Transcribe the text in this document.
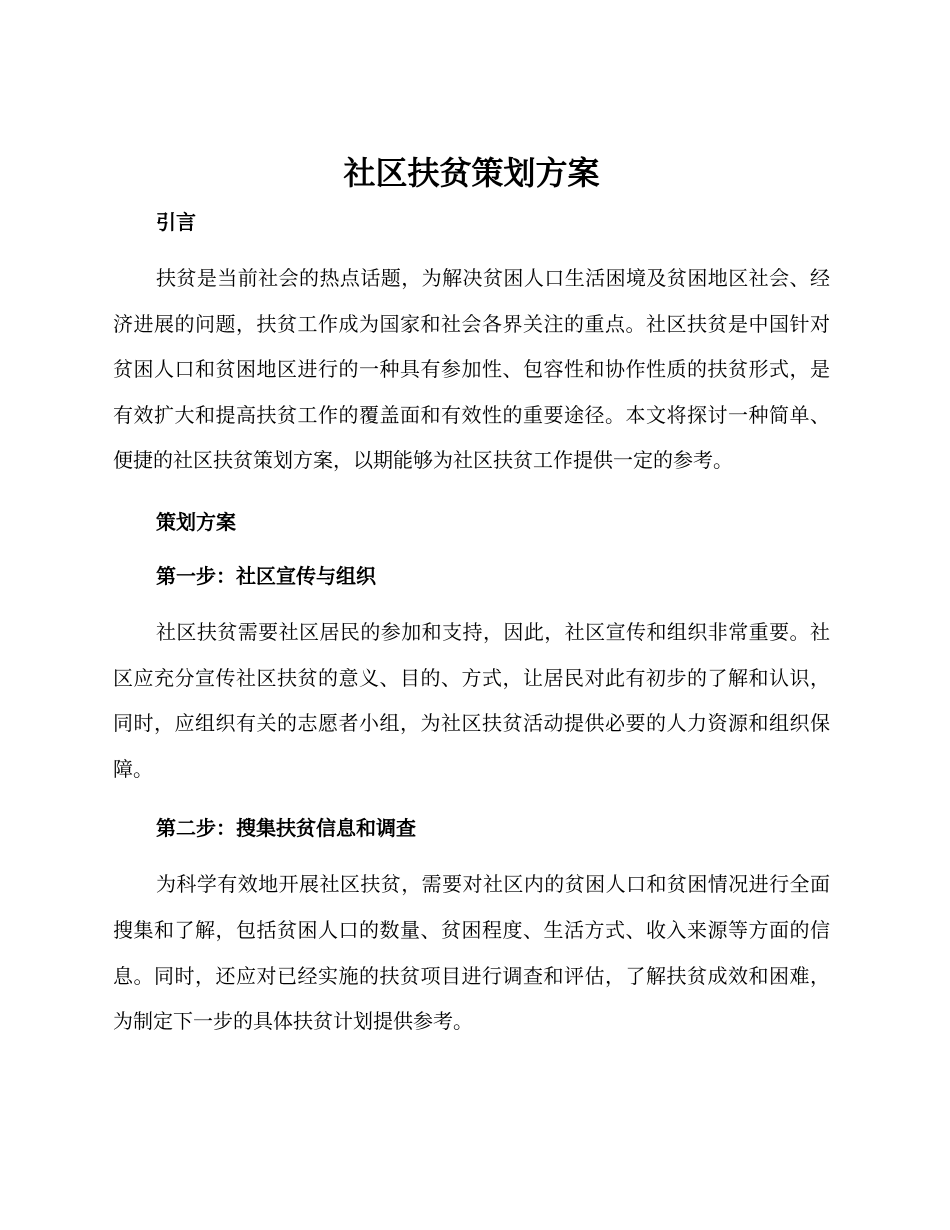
社区扶贫策划方案
引言

扶贫是当前社会的热点话题，为解决贫困人口生活困境及贫困地区社会、经济进展的问题，扶贫工作成为国家和社会各界关注的重点。社区扶贫是中国针对贫困人口和贫困地区进行的一种具有参加性、包容性和协作性质的扶贫形式，是有效扩大和提高扶贫工作的覆盖面和有效性的重要途径。本文将探讨一种简单、便捷的社区扶贫策划方案，以期能够为社区扶贫工作提供一定的参考。

策划方案
第一步：社区宣传与组织

社区扶贫需要社区居民的参加和支持，因此，社区宣传和组织非常重要。社区应充分宣传社区扶贫的意义、目的、方式，让居民对此有初步的了解和认识，同时，应组织有关的志愿者小组，为社区扶贫活动提供必要的人力资源和组织保障。

第二步：搜集扶贫信息和调查

为科学有效地开展社区扶贫，需要对社区内的贫困人口和贫困情况进行全面搜集和了解，包括贫困人口的数量、贫困程度、生活方式、收入来源等方面的信息。同时，还应对已经实施的扶贫项目进行调查和评估，了解扶贫成效和困难，为制定下一步的具体扶贫计划提供参考。
